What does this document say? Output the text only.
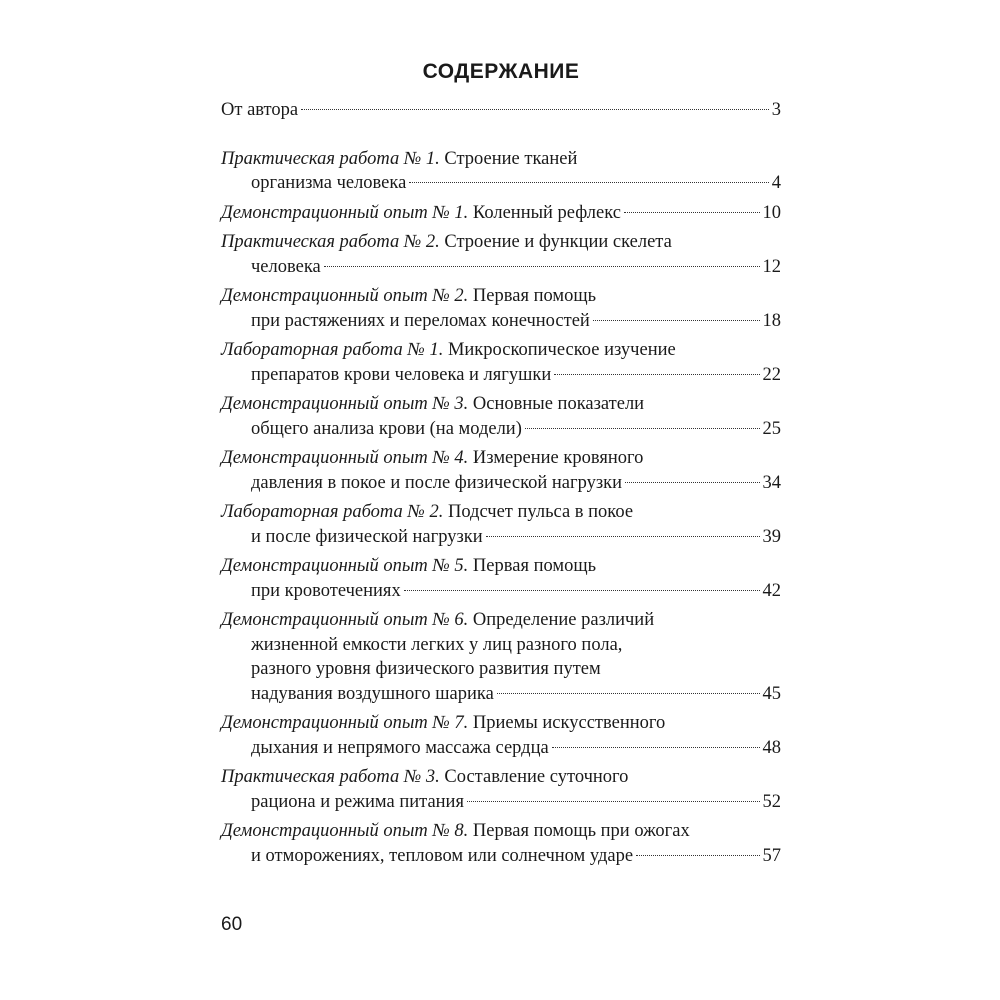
СОДЕРЖАНИЕ
От автора	3
Практическая работа № 1. Строение тканей
организма человека	4
Демонстрационный опыт № 1. Коленный рефлекс	10
Практическая работа № 2. Строение и функции скелета
человека	12
Демонстрационный опыт № 2. Первая помощь
при растяжениях и переломах конечностей	18
Лабораторная работа № 1. Микроскопическое изучение
препаратов крови человека и лягушки	22
Демонстрационный опыт № 3. Основные показатели
общего анализа крови (на модели)	25
Демонстрационный опыт № 4. Измерение кровяного
давления в покое и после физической нагрузки	34
Лабораторная работа № 2. Подсчет пульса в покое
и после физической нагрузки	39
Демонстрационный опыт № 5. Первая помощь
при кровотечениях	42
Демонстрационный опыт № 6. Определение различий
жизненной емкости легких у лиц разного пола,
разного уровня физического развития путем
надувания воздушного шарика	45
Демонстрационный опыт № 7. Приемы искусственного
дыхания и непрямого массажа сердца	48
Практическая работа № 3. Составление суточного
рациона и режима питания	52
Демонстрационный опыт № 8. Первая помощь при ожогах
и отморожениях, тепловом или солнечном ударе	57
60
